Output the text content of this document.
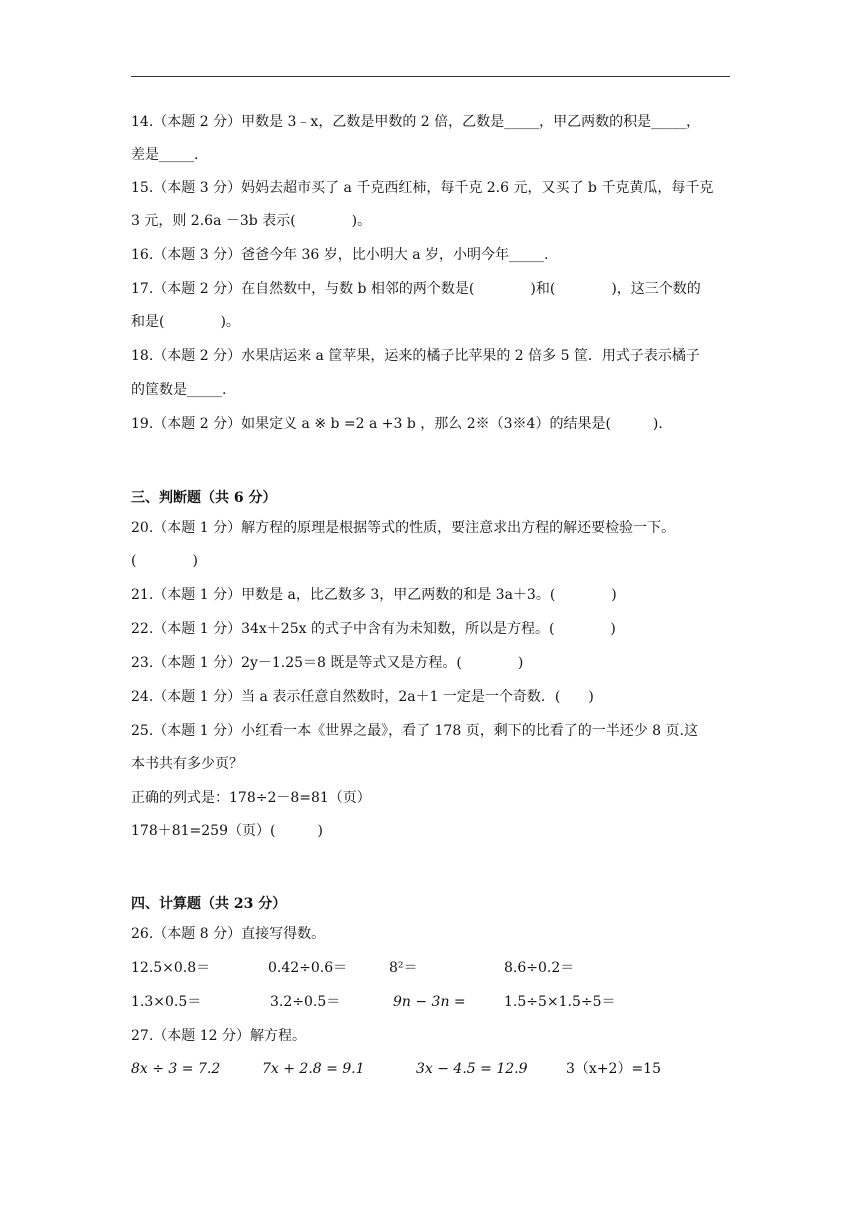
14.（本题 2 分）甲数是 3﹣x，乙数是甲数的 2 倍，乙数是_____，甲乙两数的积是_____，
差是_____.
15.（本题 3 分）妈妈去超市买了 a 千克西红柿，每千克 2.6 元，又买了 b 千克黄瓜，每千克
3 元，则 2.6a －3b 表示(　　　　)。
16.（本题 3 分）爸爸今年 36 岁，比小明大 a 岁，小明今年_____.
17.（本题 2 分）在自然数中，与数 b 相邻的两个数是(　　　　)和(　　　　)，这三个数的
和是(　　　　)。
18.（本题 2 分）水果店运来 a 筐苹果，运来的橘子比苹果的 2 倍多 5 筐．用式子表示橘子
的筐数是_____.
19.（本题 2 分）如果定义 a ※ b =2 a +3 b ，那么 2※（3※4）的结果是(　　　).
三、判断题（共 6 分）
20.（本题 1 分）解方程的原理是根据等式的性质，要注意求出方程的解还要检验一下。
(　　　　)
21.（本题 1 分）甲数是 a，比乙数多 3，甲乙两数的和是 3a＋3。(　　　　)
22.（本题 1 分）34x＋25x 的式子中含有为未知数，所以是方程。(　　　　)
23.（本题 1 分）2y－1.25＝8 既是等式又是方程。(　　　　)
24.（本题 1 分）当 a 表示任意自然数时，2a＋1 一定是一个奇数．(　　)
25.（本题 1 分）小红看一本《世界之最》，看了 178 页，剩下的比看了的一半还少 8 页.这
本书共有多少页？
正确的列式是：178÷2－8=81（页）
178＋81=259（页）(　　　)
四、计算题（共 23 分）
26.（本题 8 分）直接写得数。
12.5×0.8＝	0.42÷0.6＝	8²＝	8.6÷0.2＝
1.3×0.5＝	3.2÷0.5＝	9n − 3n =	1.5÷5×1.5÷5＝
27.（本题 12 分）解方程。
8x ÷ 3 = 7.2	7x + 2.8 = 9.1	3x − 4.5 = 12.9	3（x+2）=15
